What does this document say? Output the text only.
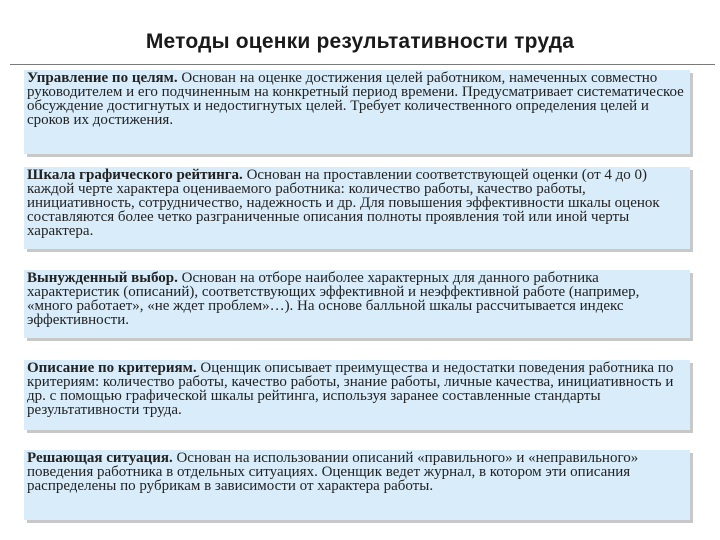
Методы оценки результативности труда
Управление по целям. Основан на оценке достижения целей работником, намеченных совместно руководителем и его подчиненным на конкретный период времени. Предусматривает систематическое обсуждение достигнутых и недостигнутых целей. Требует количественного определения целей и сроков их достижения.
Шкала графического рейтинга. Основан на проставлении соответствующей оценки (от 4 до 0) каждой черте характера оцениваемого работника: количество работы, качество работы, инициативность, сотрудничество, надежность и др. Для повышения эффективности шкалы оценок составляются более четко разграниченные описания полноты проявления той или иной черты характера.
Вынужденный выбор. Основан на отборе наиболее характерных для данного работника характеристик (описаний), соответствующих эффективной и неэффективной работе (например, «много работает», «не ждет проблем»…). На основе балльной шкалы рассчитывается индекс эффективности.
Описание по критериям. Оценщик описывает преимущества и недостатки поведения работника по критериям: количество работы, качество работы, знание работы, личные качества, инициативность и др. с помощью графической шкалы рейтинга, используя заранее составленные стандарты результативности труда.
Решающая ситуация. Основан на использовании описаний «правильного» и «неправильного» поведения работника в отдельных ситуациях. Оценщик ведет журнал, в котором эти описания распределены по рубрикам в зависимости от характера работы.
